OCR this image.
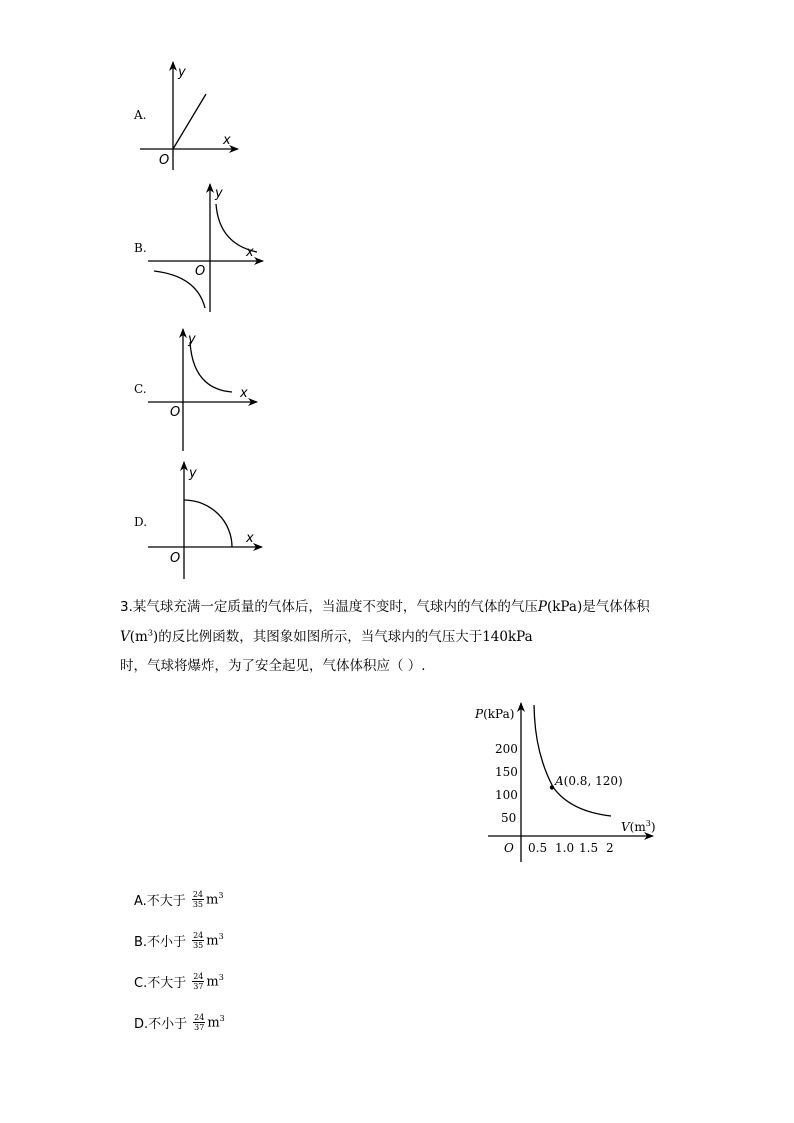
A.
y
x
O
B.
y
x
O
C.
y
x
O
D.
y
x
O
3.某气球充满一定质量的气体后，当温度不变时，气球内的气体的气压P(kPa)是气体体积
$V(m^3)$的反比例函数，其图象如图所示，当气球内的气压大于140kPa
时，气球将爆炸，为了安全起见，气体体积应（ ）.
A(0.8, 120)
P(kPa)
$V(m^3)$
200
150
100
50
O 0.5 1.0 1.5 2
A.不大于 $\frac{24}{35} m^3$
B.不小于 $\frac{24}{35} m^3$
C.不大于 $\frac{24}{37} m^3$
D.不小于 $\frac{24}{37} m^3$
